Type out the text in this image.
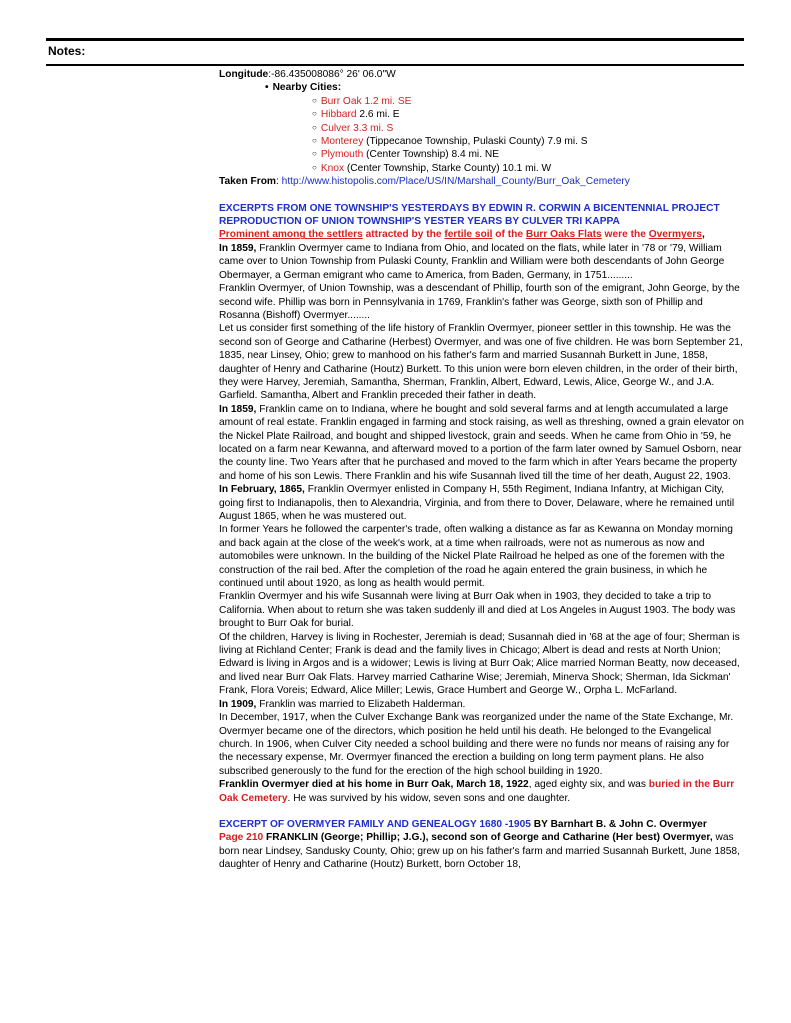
Notes:

Longitude:-86.435008086° 26' 06.0"W

• Nearby Cities:

○ Burr Oak 1.2 mi. SE
○ Hibbard 2.6 mi. E
○ Culver 3.3 mi. S
○ Monterey (Tippecanoe Township, Pulaski County) 7.9 mi. S
○ Plymouth (Center Township) 8.4 mi. NE
○ Knox (Center Township, Starke County) 10.1 mi. W

Taken From: http://www.histopolis.com/Place/US/IN/Marshall_County/Burr_Oak_Cemetery

EXCERPTS FROM ONE TOWNSHIP'S YESTERDAYS BY EDWIN R. CORWIN A BICENTENNIAL PROJECT REPRODUCTION OF UNION TOWNSHIP'S YESTER YEARS BY CULVER TRI KAPPA

Prominent among the settlers attracted by the fertile soil of the Burr Oaks Flats were the Overmyers,

In 1859, Franklin Overmyer came to Indiana from Ohio, and located on the flats, while later in '78 or '79, William came over to Union Township from Pulaski County, Franklin and William were both descendants of John George Obermayer, a German emigrant who came to America, from Baden, Germany, in 1751.........

Franklin Overmyer, of Union Township, was a descendant of Phillip, fourth son of the emigrant, John George, by the second wife. Phillip was born in Pennsylvania in 1769, Franklin's father was George, sixth son of Phillip and Rosanna (Bishoff) Overmyer........

Let us consider first something of the life history of Franklin Overmyer, pioneer settler in this township. He was the second son of George and Catharine (Herbest) Overmyer, and was one of five children. He was born September 21, 1835, near Linsey, Ohio; grew to manhood on his father's farm and married Susannah Burkett in June, 1858, daughter of Henry and Catharine (Houtz) Burkett. To this union were born eleven children, in the order of their birth, they were Harvey, Jeremiah, Samantha, Sherman, Franklin, Albert, Edward, Lewis, Alice, George W., and J.A. Garfield. Samantha, Albert and Franklin preceded their father in death.

In 1859, Franklin came on to Indiana, where he bought and sold several farms and at length accumulated a large amount of real estate. Franklin engaged in farming and stock raising, as well as threshing, owned a grain elevator on the Nickel Plate Railroad, and bought and shipped livestock, grain and seeds. When he came from Ohio in '59, he located on a farm near Kewanna, and afterward moved to a portion of the farm later owned by Samuel Osborn, near the county line. Two Years after that he purchased and moved to the farm which in after Years became the property and home of his son Lewis. There Franklin and his wife Susannah lived till the time of her death, August 22, 1903.

In February, 1865, Franklin Overmyer enlisted in Company H, 55th Regiment, Indiana Infantry, at Michigan City, going first to Indianapolis, then to Alexandria, Virginia, and from there to Dover, Delaware, where he remained until August 1865, when he was mustered out.

In former Years he followed the carpenter's trade, often walking a distance as far as Kewanna on Monday morning and back again at the close of the week's work, at a time when railroads, were not as numerous as now and automobiles were unknown. In the building of the Nickel Plate Railroad he helped as one of the foremen with the construction of the rail bed. After the completion of the road he again entered the grain business, in which he continued until about 1920, as long as health would permit.

Franklin Overmyer and his wife Susannah were living at Burr Oak when in 1903, they decided to take a trip to California. When about to return she was taken suddenly ill and died at Los Angeles in August 1903. The body was brought to Burr Oak for burial.

Of the children, Harvey is living in Rochester, Jeremiah is dead; Susannah died in '68 at the age of four; Sherman is living at Richland Center; Frank is dead and the family lives in Chicago; Albert is dead and rests at North Union; Edward is living in Argos and is a widower; Lewis is living at Burr Oak; Alice married Norman Beatty, now deceased, and lived near Burr Oak Flats. Harvey married Catharine Wise; Jeremiah, Minerva Shock; Sherman, Ida Sickman' Frank, Flora Voreis; Edward, Alice Miller; Lewis, Grace Humbert and George W., Orpha L. McFarland.

In 1909, Franklin was married to Elizabeth Halderman.

In December, 1917, when the Culver Exchange Bank was reorganized under the name of the State Exchange, Mr. Overmyer became one of the directors, which position he held until his death. He belonged to the Evangelical church. In 1906, when Culver City needed a school building and there were no funds nor means of raising any for the necessary expense, Mr. Overmyer financed the erection a building on long term payment plans. He also subscribed generously to the fund for the erection of the high school building in 1920.

Franklin Overmyer died at his home in Burr Oak, March 18, 1922, aged eighty six, and was buried in the Burr Oak Cemetery. He was survived by his widow, seven sons and one daughter.

EXCERPT OF OVERMYER FAMILY AND GENEALOGY 1680 -1905 BY Barnhart B. & John C. Overmyer

Page 210 FRANKLIN (George; Phillip; J.G.), second son of George and Catharine (Her best) Overmyer, was born near Lindsey, Sandusky County, Ohio; grew up on his father's farm and married Susannah Burkett, June 1858, daughter of Henry and Catharine (Houtz) Burkett, born October 18,
